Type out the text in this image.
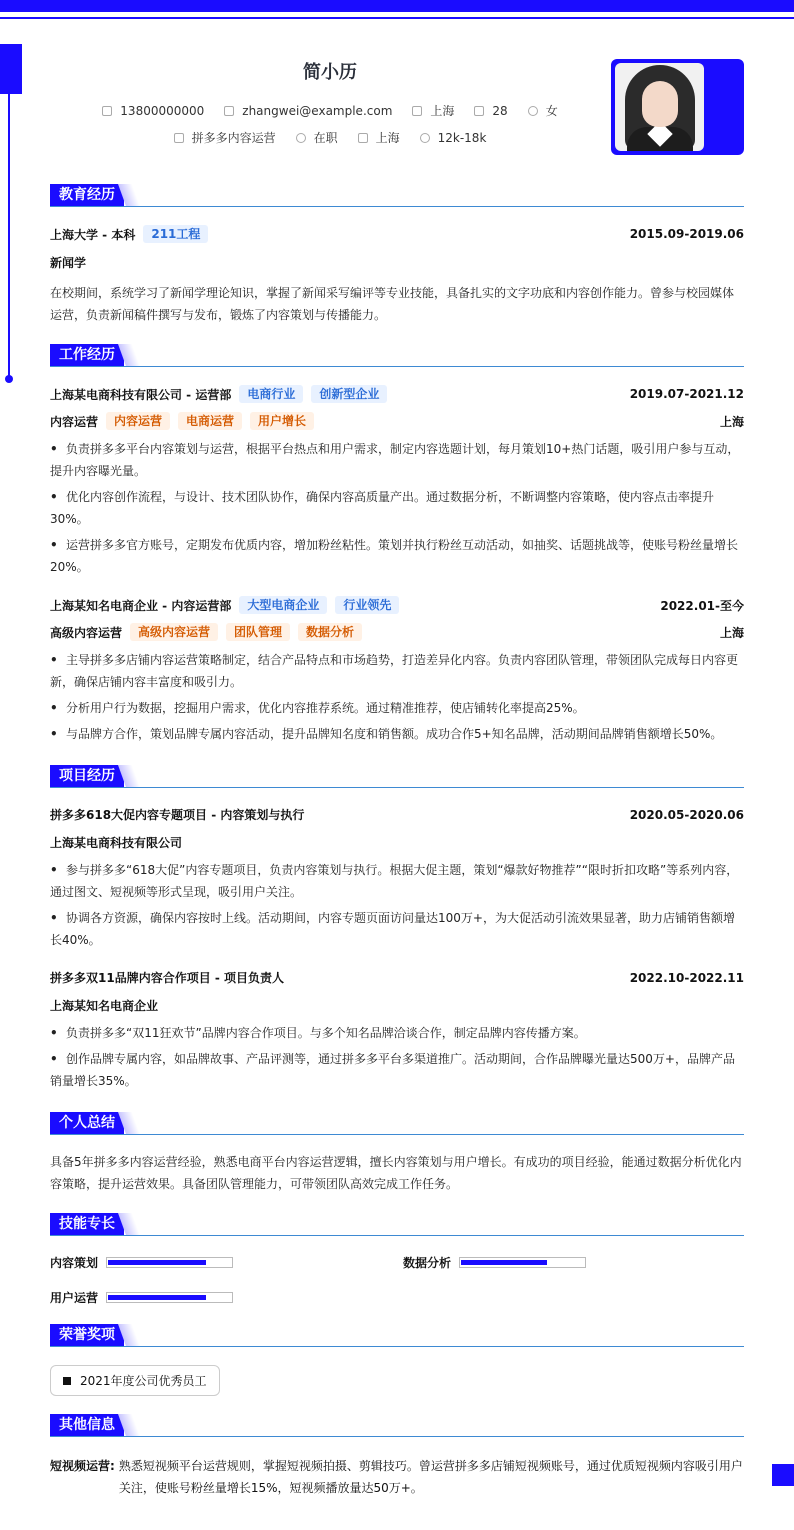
简小历
13800000000	zhangwei@example.com	上海	28	女
拼多多内容运营	在职	上海	12k-18k
教育经历
上海大学 - 本科	211工程	2015.09-2019.06
新闻学
在校期间，系统学习了新闻学理论知识，掌握了新闻采写编评等专业技能，具备扎实的文字功底和内容创作能力。曾参与校园媒体运营，负责新闻稿件撰写与发布，锻炼了内容策划与传播能力。
工作经历
上海某电商科技有限公司 - 运营部	电商行业	创新型企业	2019.07-2021.12
内容运营	内容运营	电商运营	用户增长	上海
• 负责拼多多平台内容策划与运营，根据平台热点和用户需求，制定内容选题计划，每月策划10+热门话题，吸引用户参与互动，提升内容曝光量。
• 优化内容创作流程，与设计、技术团队协作，确保内容高质量产出。通过数据分析，不断调整内容策略，使内容点击率提升30%。
• 运营拼多多官方账号，定期发布优质内容，增加粉丝粘性。策划并执行粉丝互动活动，如抽奖、话题挑战等，使账号粉丝量增长20%。
上海某知名电商企业 - 内容运营部	大型电商企业	行业领先	2022.01-至今
高级内容运营	高级内容运营	团队管理	数据分析	上海
• 主导拼多多店铺内容运营策略制定，结合产品特点和市场趋势，打造差异化内容。负责内容团队管理，带领团队完成每日内容更新，确保店铺内容丰富度和吸引力。
• 分析用户行为数据，挖掘用户需求，优化内容推荐系统。通过精准推荐，使店铺转化率提高25%。
• 与品牌方合作，策划品牌专属内容活动，提升品牌知名度和销售额。成功合作5+知名品牌，活动期间品牌销售额增长50%。
项目经历
拼多多618大促内容专题项目 - 内容策划与执行	2020.05-2020.06
上海某电商科技有限公司
• 参与拼多多“618大促”内容专题项目，负责内容策划与执行。根据大促主题，策划“爆款好物推荐”“限时折扣攻略”等系列内容，通过图文、短视频等形式呈现，吸引用户关注。
• 协调各方资源，确保内容按时上线。活动期间，内容专题页面访问量达100万+，为大促活动引流效果显著，助力店铺销售额增长40%。
拼多多双11品牌内容合作项目 - 项目负责人	2022.10-2022.11
上海某知名电商企业
• 负责拼多多“双11狂欢节”品牌内容合作项目。与多个知名品牌洽谈合作，制定品牌内容传播方案。
• 创作品牌专属内容，如品牌故事、产品评测等，通过拼多多平台多渠道推广。活动期间，合作品牌曝光量达500万+，品牌产品销量增长35%。
个人总结
具备5年拼多多内容运营经验，熟悉电商平台内容运营逻辑，擅长内容策划与用户增长。有成功的项目经验，能通过数据分析优化内容策略，提升运营效果。具备团队管理能力，可带领团队高效完成工作任务。
技能专长
内容策划	数据分析
用户运营
荣誉奖项
2021年度公司优秀员工
其他信息
短视频运营: 熟悉短视频平台运营规则，掌握短视频拍摄、剪辑技巧。曾运营拼多多店铺短视频账号，通过优质短视频内容吸引用户关注，使账号粉丝量增长15%，短视频播放量达50万+。
